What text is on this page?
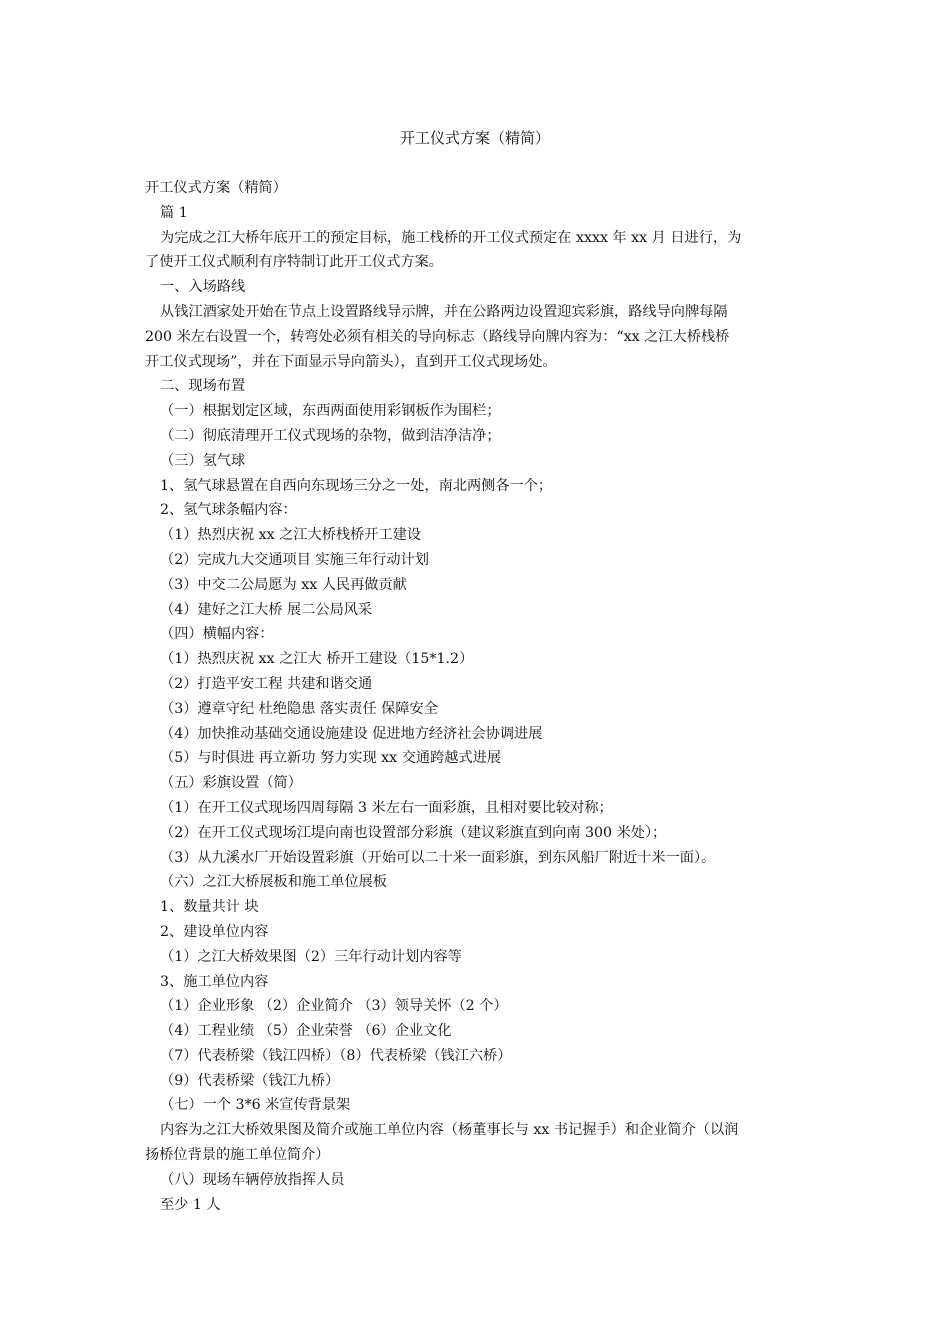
开工仪式方案（精简）
开工仪式方案（精简）
篇 1
为完成之江大桥年底开工的预定目标，施工栈桥的开工仪式预定在 xxxx 年 xx 月 日进行，为
了使开工仪式顺利有序特制订此开工仪式方案。
一、入场路线
从钱江酒家处开始在节点上设置路线导示牌，并在公路两边设置迎宾彩旗，路线导向牌每隔
200 米左右设置一个，转弯处必须有相关的导向标志（路线导向牌内容为：“xx 之江大桥栈桥
开工仪式现场”，并在下面显示导向箭头），直到开工仪式现场处。
二、现场布置
（一）根据划定区域，东西两面使用彩钢板作为围栏；
（二）彻底清理开工仪式现场的杂物，做到洁净洁净；
（三）氢气球
1、氢气球悬置在自西向东现场三分之一处，南北两侧各一个；
2、氢气球条幅内容：
（1）热烈庆祝 xx 之江大桥栈桥开工建设
（2）完成九大交通项目 实施三年行动计划
（3）中交二公局愿为 xx 人民再做贡献
（4）建好之江大桥 展二公局风采
（四）横幅内容：
（1）热烈庆祝 xx 之江大 桥开工建设（15*1.2）
（2）打造平安工程 共建和谐交通
（3）遵章守纪 杜绝隐患 落实责任 保障安全
（4）加快推动基础交通设施建设 促进地方经济社会协调进展
（5）与时俱进 再立新功 努力实现 xx 交通跨越式进展
（五）彩旗设置（简）
（1）在开工仪式现场四周每隔 3 米左右一面彩旗，且相对要比较对称；
（2）在开工仪式现场江堤向南也设置部分彩旗（建议彩旗直到向南 300 米处）；
（3）从九溪水厂开始设置彩旗（开始可以二十米一面彩旗，到东风船厂附近十米一面）。
（六）之江大桥展板和施工单位展板
1、数量共计 块
2、建设单位内容
（1）之江大桥效果图（2）三年行动计划内容等
3、施工单位内容
（1）企业形象 （2）企业简介 （3）领导关怀（2 个）
（4）工程业绩 （5）企业荣誉 （6）企业文化
（7）代表桥梁（钱江四桥）（8）代表桥梁（钱江六桥）
（9）代表桥梁（钱江九桥）
（七）一个 3*6 米宣传背景架
内容为之江大桥效果图及简介或施工单位内容（杨董事长与 xx 书记握手）和企业简介（以润
扬桥位背景的施工单位简介）
（八）现场车辆停放指挥人员
至少 1 人
